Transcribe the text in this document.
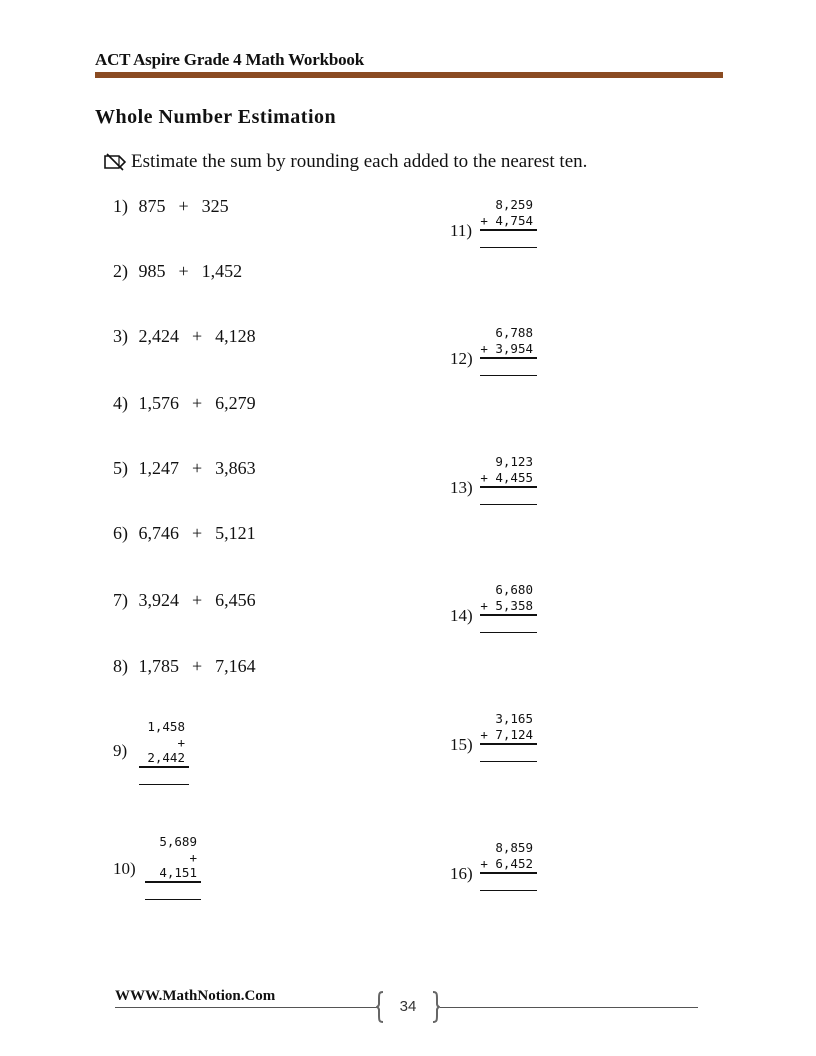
ACT Aspire Grade 4 Math Workbook
Whole Number Estimation
Estimate the sum by rounding each added to the nearest ten.
1) 875  +  325
2) 985  +  1,452
3) 2,424  +  4,128
4) 1,576  +  6,279
5) 1,247  +  3,863
6) 6,746  +  5,121
7) 3,924  +  6,456
8) 1,785  +  7,164
9)
1,458
+ 2,442
10)
5,689
+ 4,151
11)
8,259
+ 4,754
12)
6,788
+ 3,954
13)
9,123
+ 4,455
14)
6,680
+ 5,358
15)
3,165
+ 7,124
16)
8,859
+ 6,452
WWW.MathNotion.Com
34
